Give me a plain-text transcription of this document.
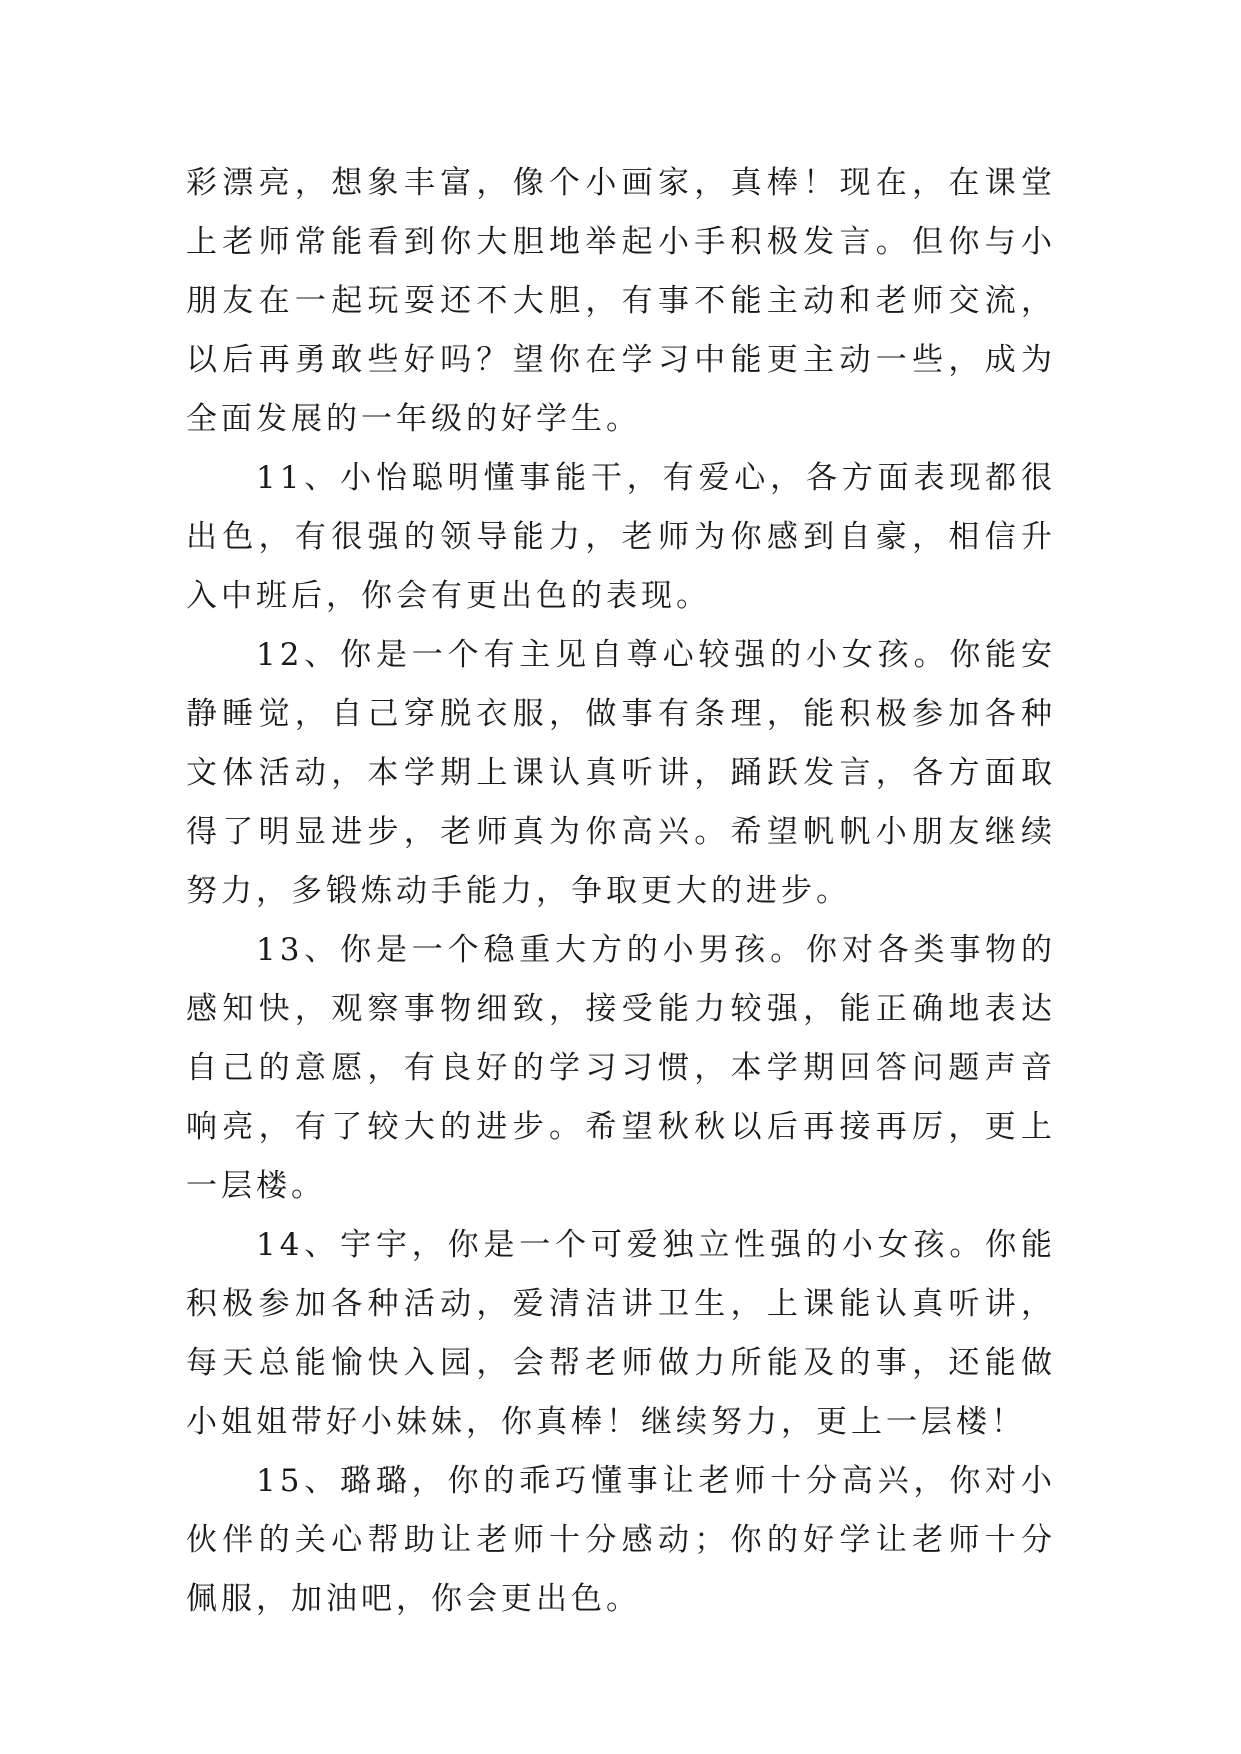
彩漂亮，想象丰富，像个小画家，真棒！现在，在课堂上老师常能看到你大胆地举起小手积极发言。但你与小朋友在一起玩耍还不大胆，有事不能主动和老师交流，以后再勇敢些好吗？望你在学习中能更主动一些，成为全面发展的一年级的好学生。

11、小怡聪明懂事能干，有爱心，各方面表现都很出色，有很强的领导能力，老师为你感到自豪，相信升入中班后，你会有更出色的表现。

12、你是一个有主见自尊心较强的小女孩。你能安静睡觉，自己穿脱衣服，做事有条理，能积极参加各种文体活动，本学期上课认真听讲，踊跃发言，各方面取得了明显进步，老师真为你高兴。希望帆帆小朋友继续努力，多锻炼动手能力，争取更大的进步。

13、你是一个稳重大方的小男孩。你对各类事物的感知快，观察事物细致，接受能力较强，能正确地表达自己的意愿，有良好的学习习惯，本学期回答问题声音响亮，有了较大的进步。希望秋秋以后再接再厉，更上一层楼。

14、宇宇，你是一个可爱独立性强的小女孩。你能积极参加各种活动，爱清洁讲卫生，上课能认真听讲，每天总能愉快入园，会帮老师做力所能及的事，还能做小姐姐带好小妹妹，你真棒！继续努力，更上一层楼！

15、璐璐，你的乖巧懂事让老师十分高兴，你对小伙伴的关心帮助让老师十分感动；你的好学让老师十分佩服，加油吧，你会更出色。
